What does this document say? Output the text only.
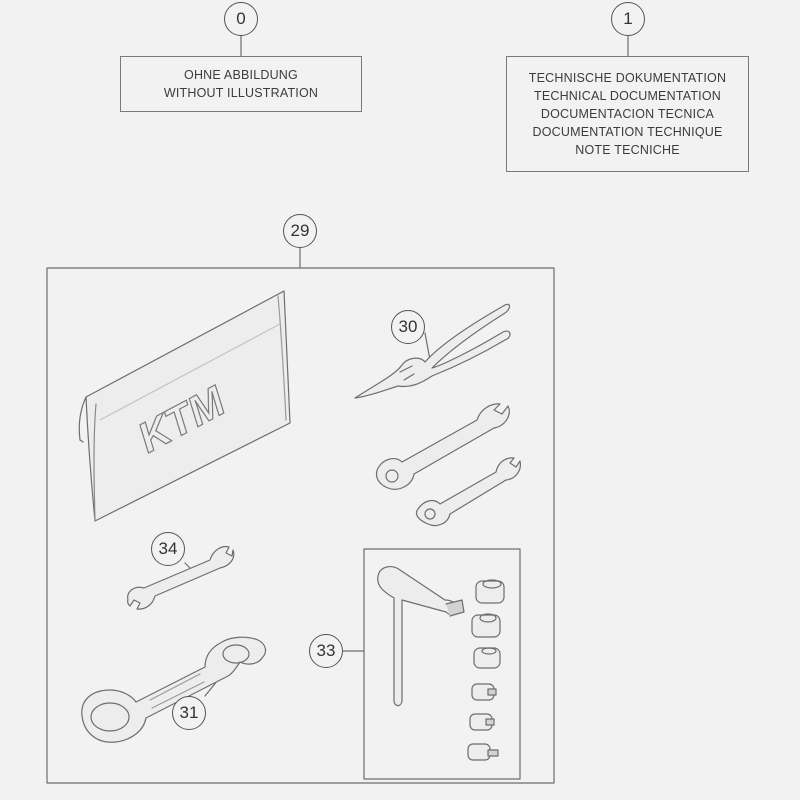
OHNE ABBILDUNG
WITHOUT ILLUSTRATION
TECHNISCHE DOKUMENTATION
TECHNICAL DOCUMENTATION
DOCUMENTACION TECNICA
DOCUMENTATION TECHNIQUE
NOTE TECNICHE
KTM
0	1
29
30
31
33
34
